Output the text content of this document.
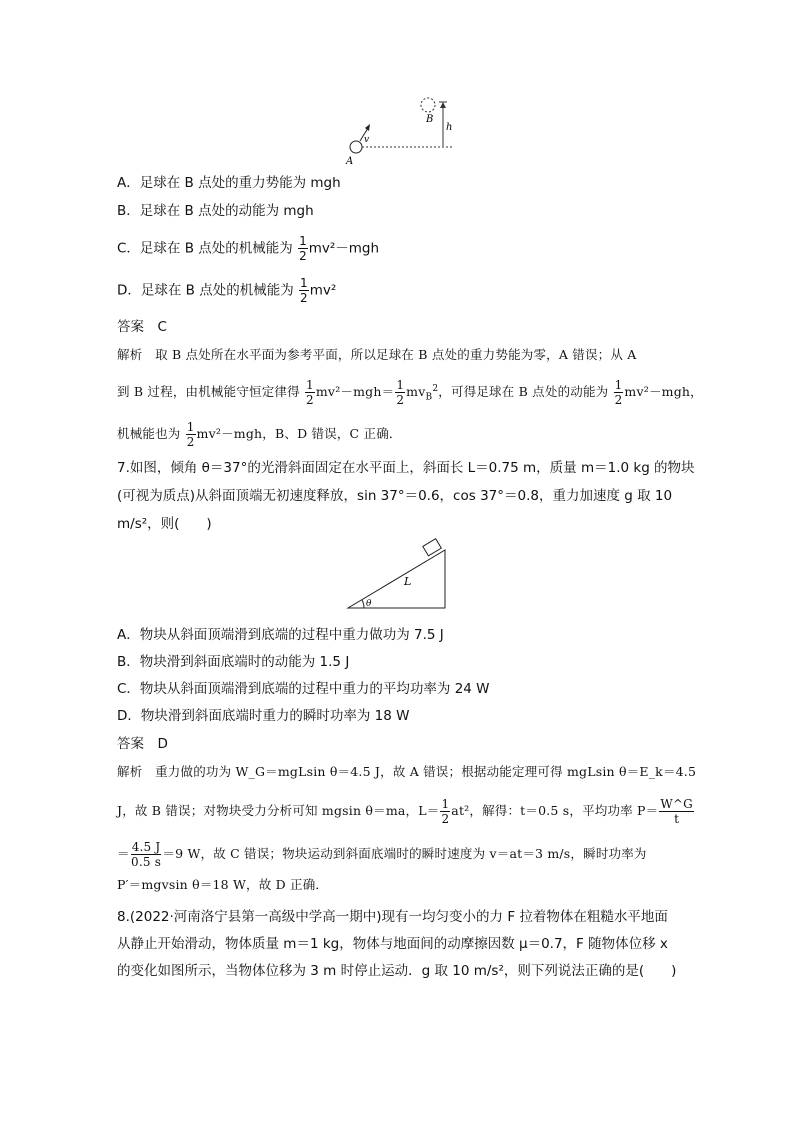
B
h
v
A
A．足球在 B 点处的重力势能为 mgh
B．足球在 B 点处的动能为 mgh
C．足球在 B 点处的机械能为 $\frac{1}{2} mv^2-mgh$
D．足球在 B 点处的机械能为 $\frac{1}{2} mv^2$
答案　C
解析　取 B 点处所在水平面为参考平面，所以足球在 B 点处的重力势能为零，A 错误；从 A
到 B 过程，由机械能守恒定律得 $\frac{1}{2} mv^2-mgh= \frac{1}{2} mv_B^2$，可得足球在 B 点处的动能为 $\frac{1}{2} mv^2-mgh$，
机械能也为 $\frac{1}{2} mv^2-mgh$，B、D 错误，C 正确．
7.如图，倾角 θ＝37°的光滑斜面固定在水平面上，斜面长 L＝0.75 m，质量 m＝1.0 kg 的物块
(可视为质点)从斜面顶端无初速度释放，sin 37°＝0.6，cos 37°＝0.8，重力加速度 g 取 10
m/s²，则(　　)
L
θ
A．物块从斜面顶端滑到底端的过程中重力做功为 7.5 J
B．物块滑到斜面底端时的动能为 1.5 J
C．物块从斜面顶端滑到底端的过程中重力的平均功率为 24 W
D．物块滑到斜面底端时重力的瞬时功率为 18 W
答案　D
解析　重力做的功为 W_G＝mgLsin θ＝4.5 J，故 A 错误；根据动能定理可得 mgLsin θ＝E_k＝4.5
J，故 B 错误；对物块受力分析可知 mgsin θ＝ma，$L= \frac{1}{2} at^2$，解得：t＝0.5 s，平均功率 $P= \frac{W\^{}G}{t}$
＝ $\frac{4.5 J}{0.5 s} =9$ W，故 C 错误；物块运动到斜面底端时的瞬时速度为 v＝at＝3 m/s，瞬时功率为
P′＝mgvsin θ＝18 W，故 D 正确．
8.(2022·河南洛宁县第一高级中学高一期中)现有一均匀变小的力 F 拉着物体在粗糙水平地面
从静止开始滑动，物体质量 m＝1 kg，物体与地面间的动摩擦因数 μ＝0.7，F 随物体位移 x
的变化如图所示，当物体位移为 3 m 时停止运动．g 取 10 m/s²，则下列说法正确的是(　　)
